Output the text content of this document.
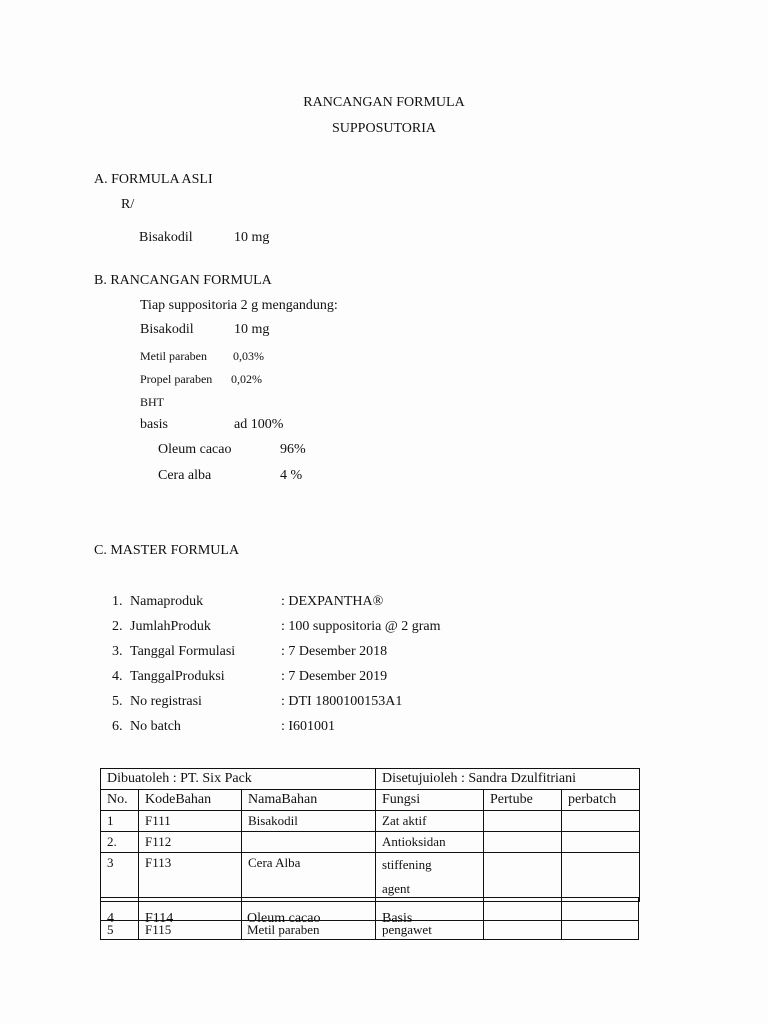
RANCANGAN FORMULA
SUPPOSUTORIA
A. FORMULA ASLI
R/
Bisakodil	10 mg
B. RANCANGAN FORMULA
Tiap suppositoria 2 g mengandung:
Bisakodil	10 mg
Metil paraben 0,03%
Propel paraben 0,02%
BHT
basis	ad 100%
Oleum cacao	96%
Cera alba	4 %
C. MASTER FORMULA
1. Namaproduk	: DEXPANTHA®
2. JumlahProduk	: 100 suppositoria @ 2 gram
3. Tanggal Formulasi	: 7 Desember 2018
4. TanggalProduksi	: 7 Desember 2019
5. No registrasi	: DTI 1800100153A1
6. No batch	: I601001
Dibuatoleh : PT. Six Pack			Disetujuioleh : Sandra Dzulfitriani		
No.	KodeBahan	NamaBahan	Fungsi	Pertube	perbatch
1	F111	Bisakodil	Zat aktif		
2.	F112		Antioksidan		
3	F113	Cera Alba	stiffening
agent		
4 F114	Oleum cacao	Basis
5 F115	Metil paraben	pengawet
